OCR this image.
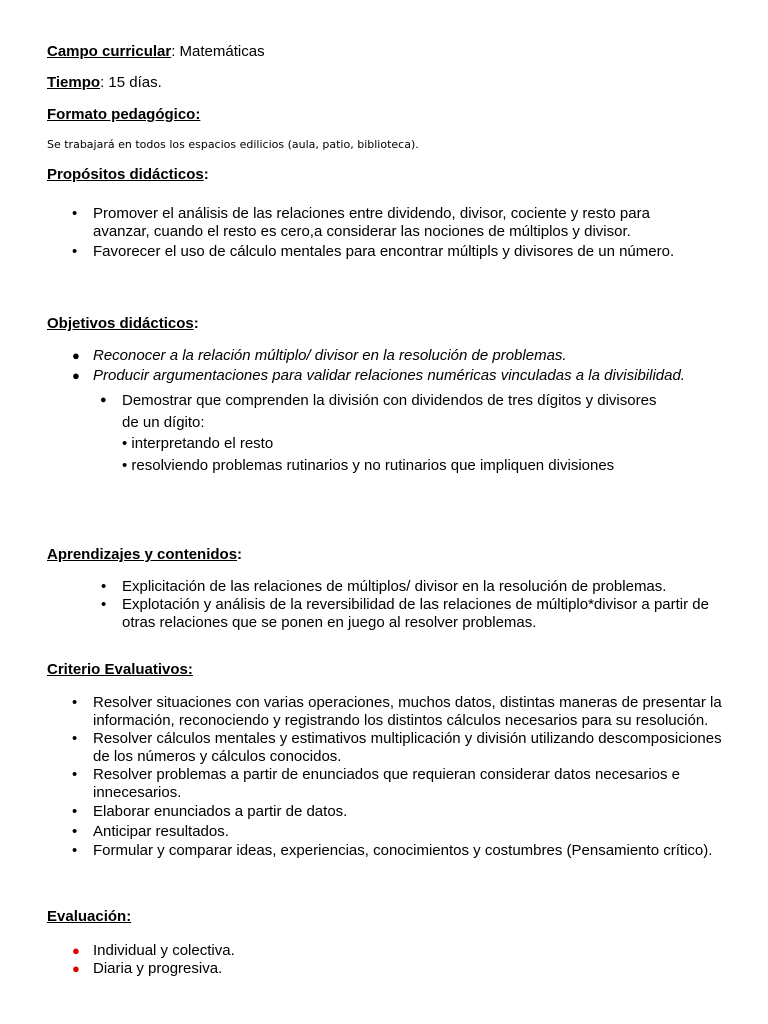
Campo curricular: Matemáticas
Tiempo: 15 días.
Formato pedagógico:
Se trabajará en todos los espacios edilicios (aula, patio, biblioteca).
Propósitos didácticos:
• Promover el análisis de las relaciones entre dividendo, divisor, cociente y resto para avanzar, cuando el resto es cero,a considerar las nociones de múltiplos y divisor.
• Favorecer el uso de cálculo mentales para encontrar múltipls y divisores de un número.
Objetivos didácticos:
● Reconocer a la relación múltiplo/ divisor en la resolución de problemas.
● Producir argumentaciones para validar relaciones numéricas vinculadas a la divisibilidad.
● Demostrar que comprenden la división con dividendos de tres dígitos y divisores
de un dígito:
• interpretando el resto
• resolviendo problemas rutinarios y no rutinarios que impliquen divisiones
Aprendizajes y contenidos:
• Explicitación de las relaciones de múltiplos/ divisor en la resolución de problemas.
• Explotación y análisis de la reversibilidad de las relaciones de múltiplo*divisor a partir de otras relaciones que se ponen en juego al resolver problemas.
Criterio Evaluativos:
• Resolver situaciones con varias operaciones, muchos datos, distintas maneras de presentar la información, reconociendo y registrando los distintos cálculos necesarios para su resolución.
• Resolver cálculos mentales y estimativos multiplicación y división utilizando descomposiciones de los números y cálculos conocidos.
• Resolver problemas a partir de enunciados que requieran considerar datos necesarios e innecesarios.
• Elaborar enunciados a partir de datos.
• Anticipar resultados.
• Formular y comparar ideas, experiencias, conocimientos y costumbres (Pensamiento crítico).
Evaluación:
● Individual y colectiva.
● Diaria y progresiva.
